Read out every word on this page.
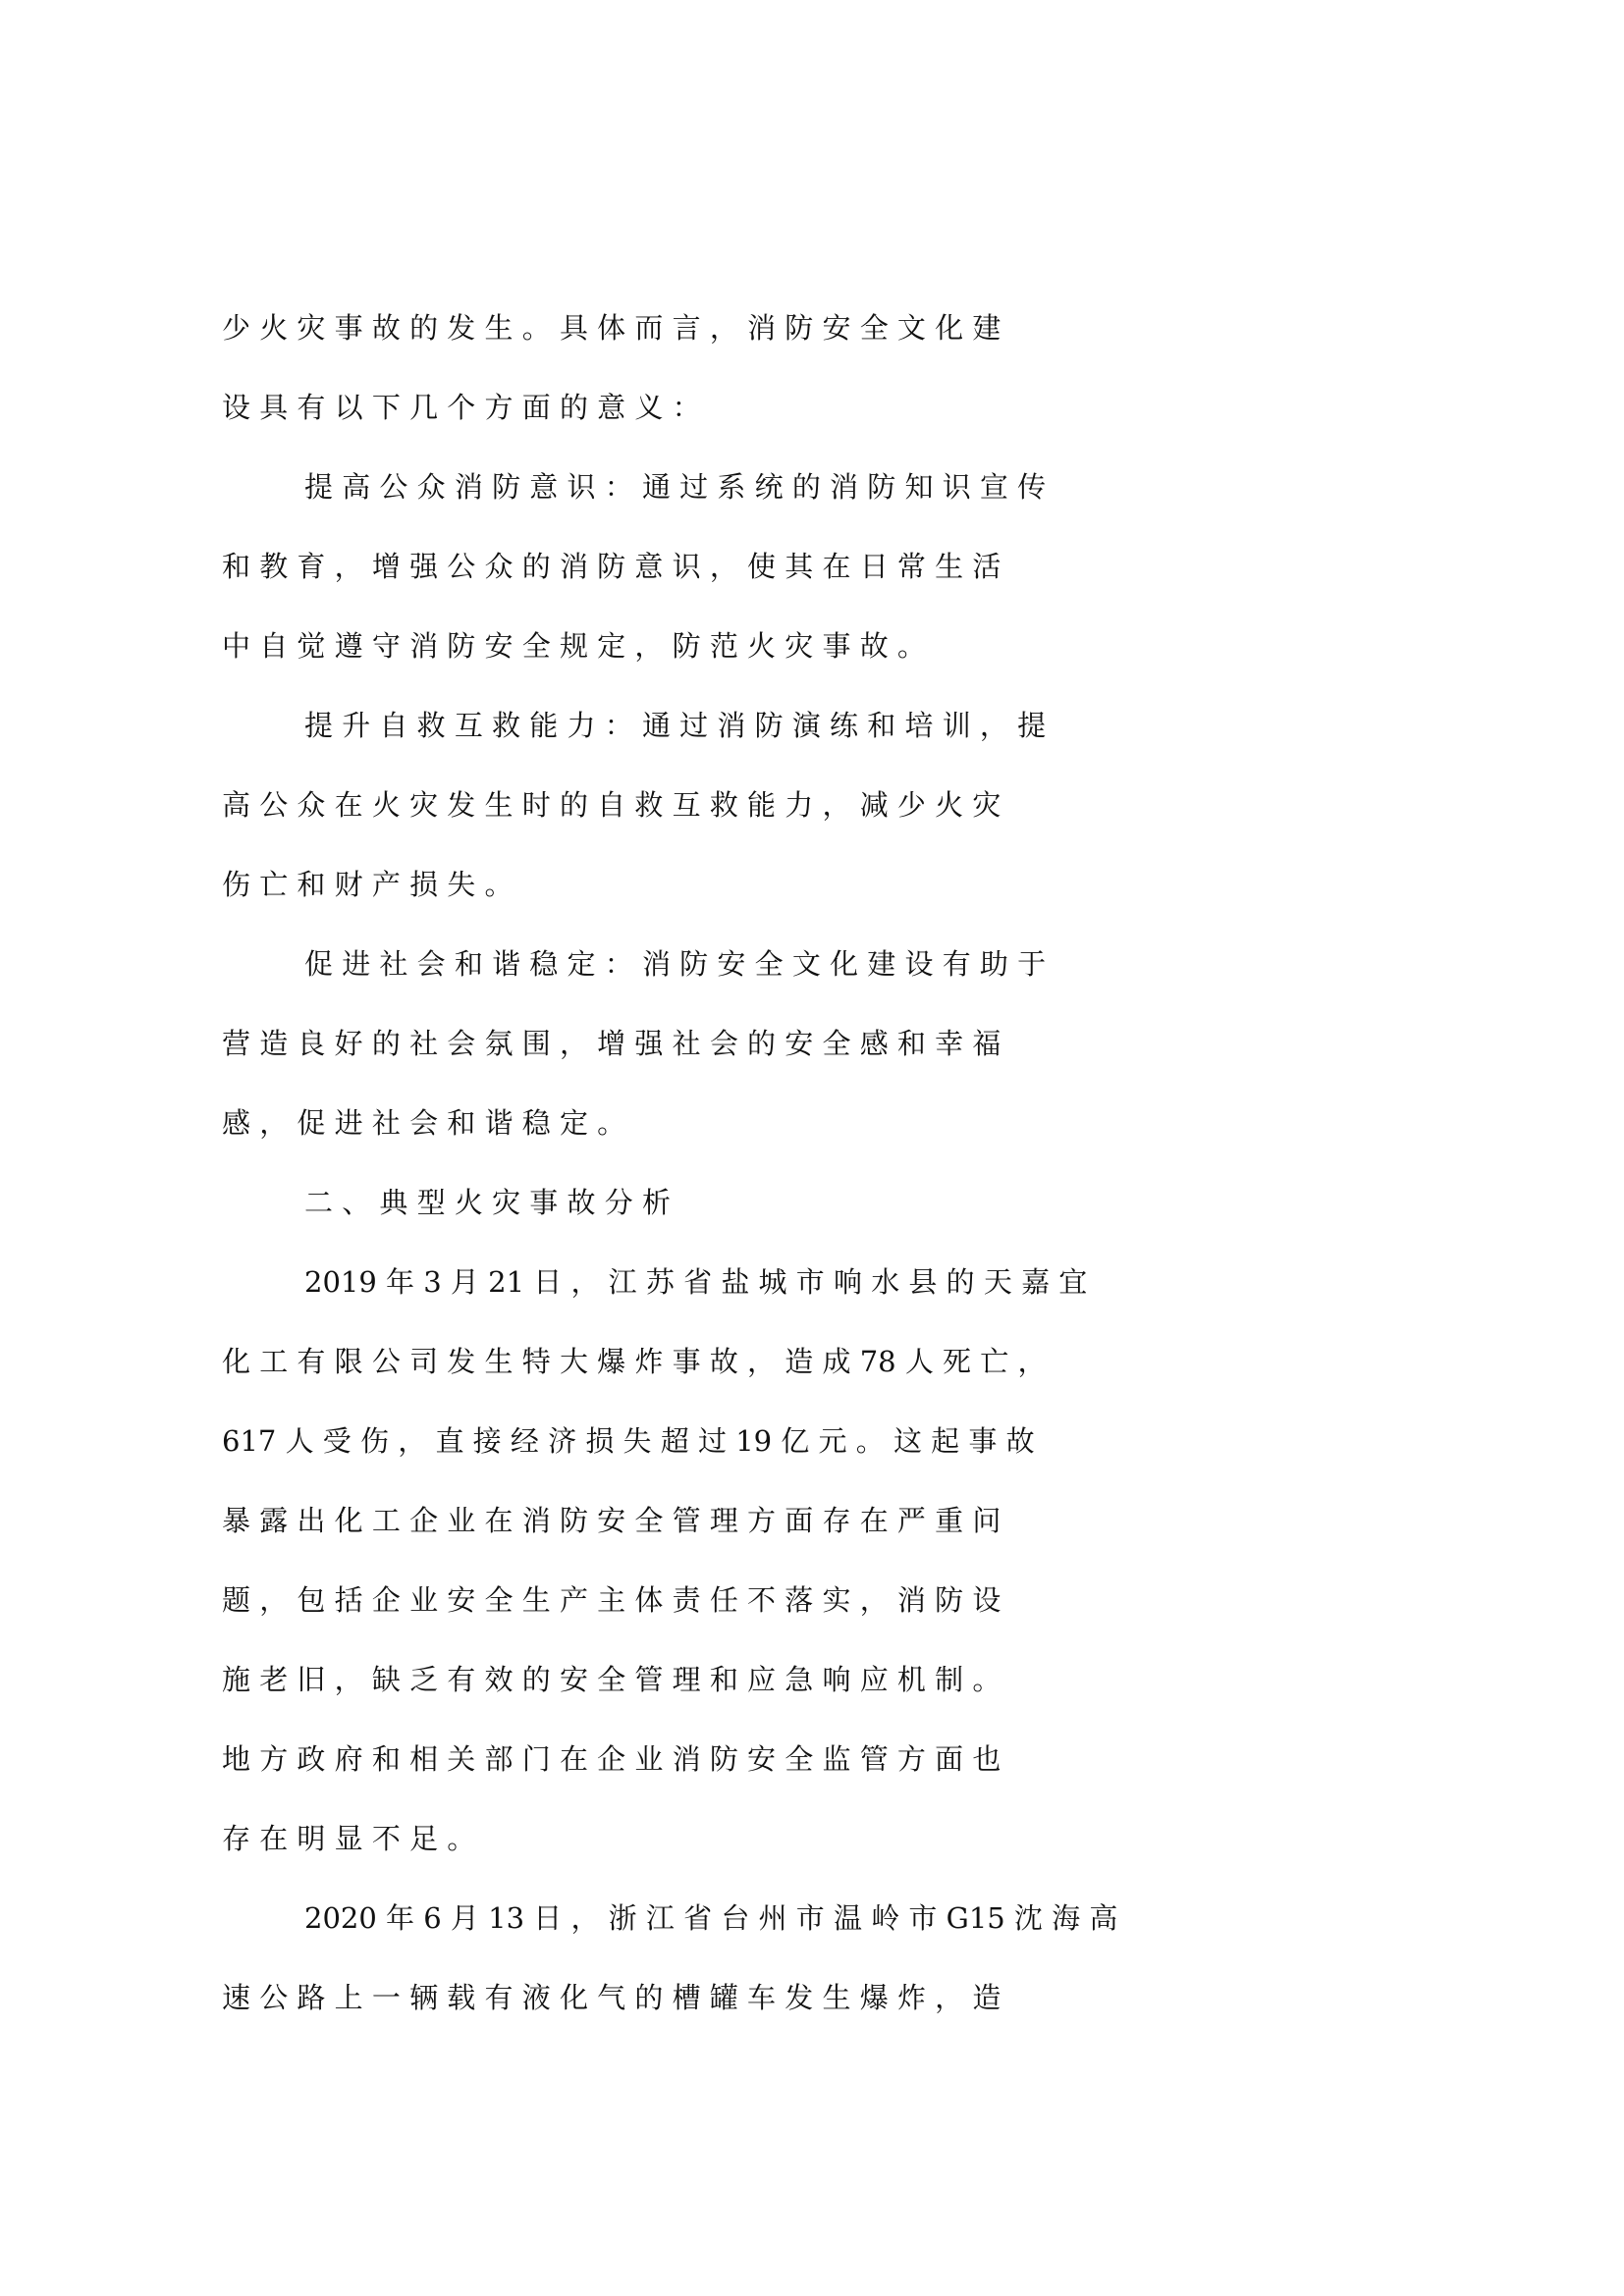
少 火 灾 事 故 的 发 生 。 具 体 而 言 ， 消 防 安 全 文 化 建
设 具 有 以 下 几 个 方 面 的 意 义 ：
提 高 公 众 消 防 意 识 ： 通 过 系 统 的 消 防 知 识 宣 传
和 教 育 ， 增 强 公 众 的 消 防 意 识 ， 使 其 在 日 常 生 活
中 自 觉 遵 守 消 防 安 全 规 定 ， 防 范 火 灾 事 故 。
提 升 自 救 互 救 能 力 ： 通 过 消 防 演 练 和 培 训 ， 提
高 公 众 在 火 灾 发 生 时 的 自 救 互 救 能 力 ， 减 少 火 灾
伤 亡 和 财 产 损 失 。
促 进 社 会 和 谐 稳 定 ： 消 防 安 全 文 化 建 设 有 助 于
营 造 良 好 的 社 会 氛 围 ， 增 强 社 会 的 安 全 感 和 幸 福
感 ， 促 进 社 会 和 谐 稳 定 。
二 、 典 型 火 灾 事 故 分 析
2019 年 3 月 21 日 ， 江 苏 省 盐 城 市 响 水 县 的 天 嘉 宜
化 工 有 限 公 司 发 生 特 大 爆 炸 事 故 ， 造 成 78 人 死 亡 ，
617 人 受 伤 ， 直 接 经 济 损 失 超 过 19 亿 元 。 这 起 事 故
暴 露 出 化 工 企 业 在 消 防 安 全 管 理 方 面 存 在 严 重 问
题 ， 包 括 企 业 安 全 生 产 主 体 责 任 不 落 实 ， 消 防 设
施 老 旧 ， 缺 乏 有 效 的 安 全 管 理 和 应 急 响 应 机 制 。
地 方 政 府 和 相 关 部 门 在 企 业 消 防 安 全 监 管 方 面 也
存 在 明 显 不 足 。
2020 年 6 月 13 日 ， 浙 江 省 台 州 市 温 岭 市 G15 沈 海 高
速 公 路 上 一 辆 载 有 液 化 气 的 槽 罐 车 发 生 爆 炸 ， 造
